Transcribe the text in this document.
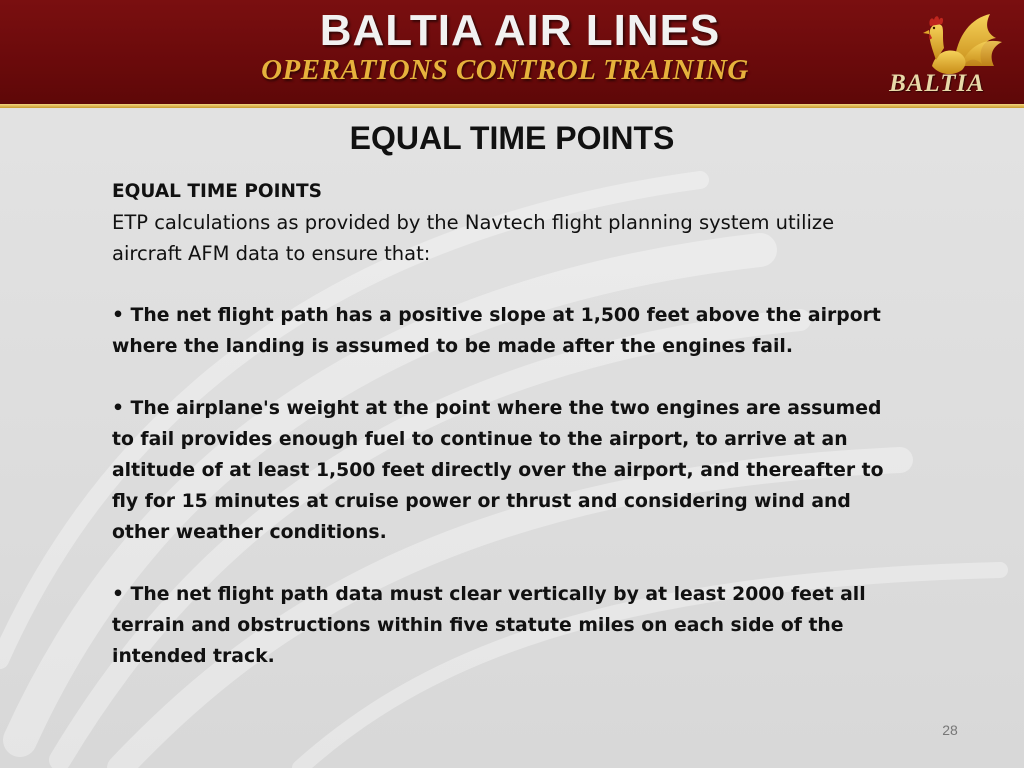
BALTIA AIR LINES
OPERATIONS CONTROL TRAINING	BALTIA
EQUAL TIME POINTS

EQUAL TIME POINTS

ETP calculations as provided by the Navtech flight planning system utilize aircraft AFM data to ensure that:

• The net flight path has a positive slope at 1,500 feet above the airport where the landing is assumed to be made after the engines fail.

• The airplane's weight at the point where the two engines are assumed to fail provides enough fuel to continue to the airport, to arrive at an altitude of at least 1,500 feet directly over the airport, and thereafter to fly for 15 minutes at cruise power or thrust and considering wind and other weather conditions.

• The net flight path data must clear vertically by at least 2000 feet all terrain and obstructions within five statute miles on each side of the intended track.

28
